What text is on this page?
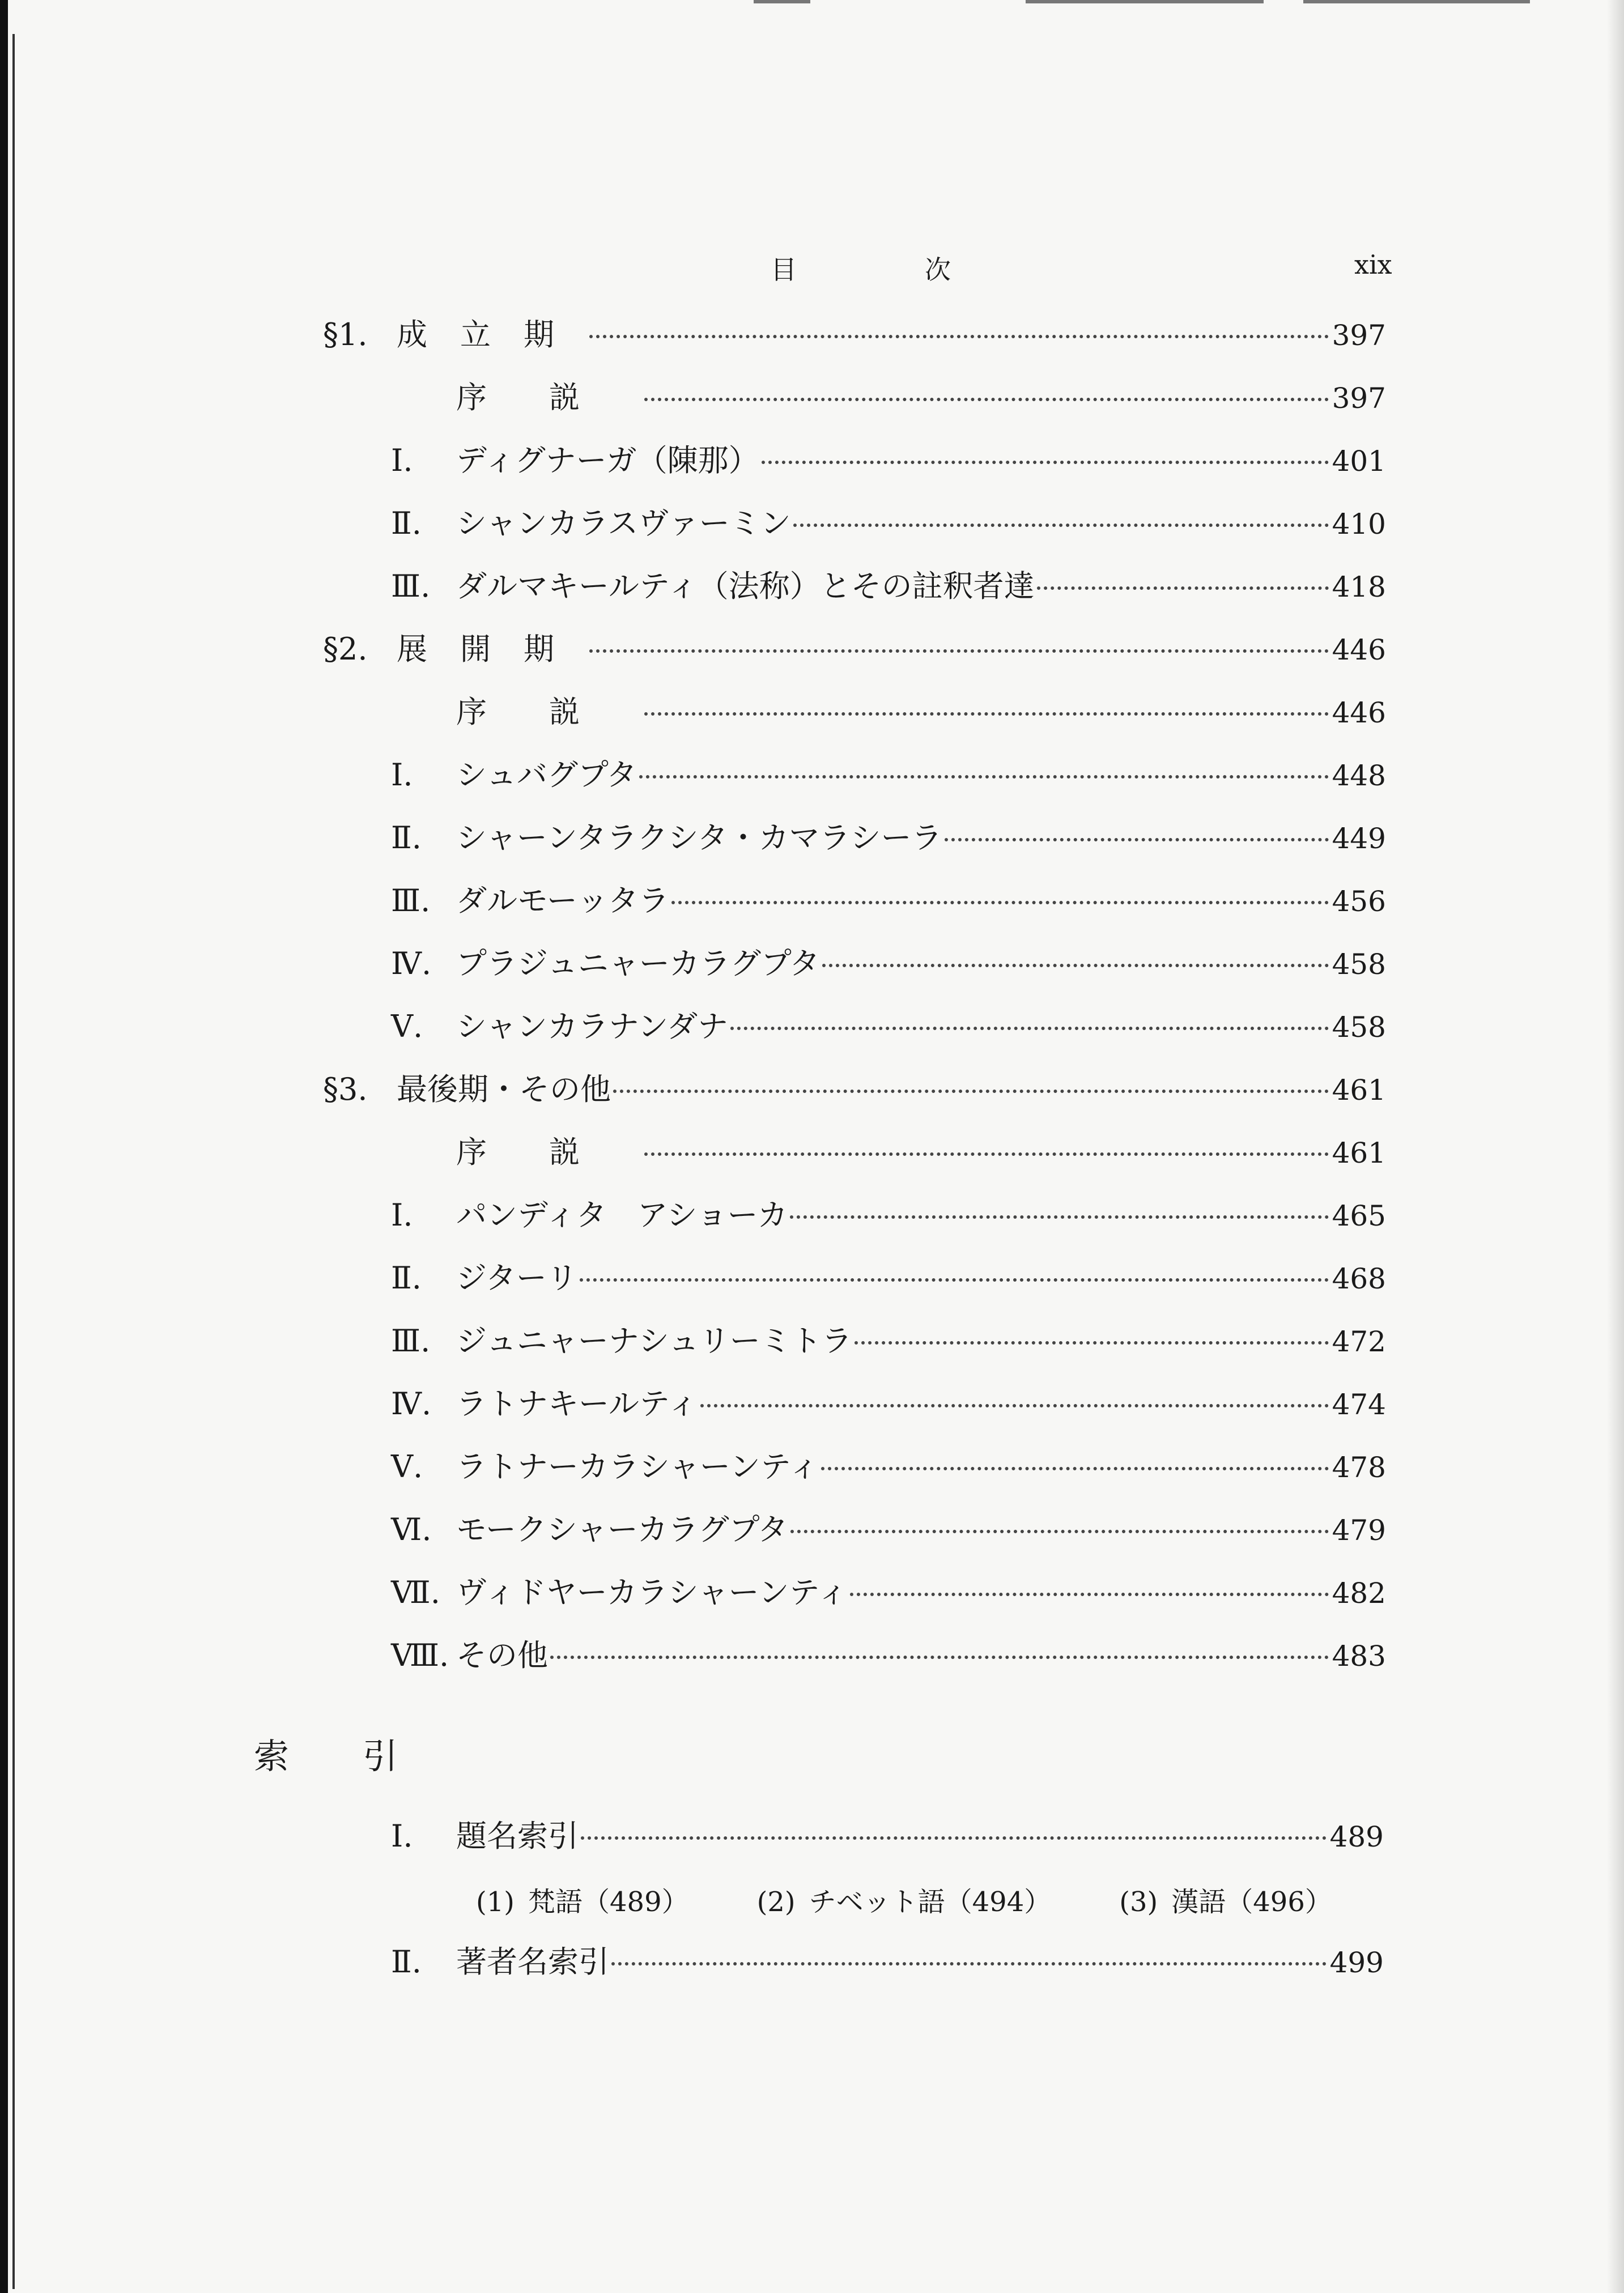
目　次	xix
§1. 成立期	397
序説	397
Ⅰ.	ディグナーガ（陳那）	401
Ⅱ.	シャンカラスヴァーミン	410
Ⅲ. ダルマキールティ（法称）とその註釈者達	418
§2. 展開期	446
序説	446
Ⅰ.	シュバグプタ	448
Ⅱ.	シャーンタラクシタ・カマラシーラ	449
Ⅲ. ダルモーッタラ	456
Ⅳ. プラジュニャーカラグプタ	458
Ⅴ.	シャンカラナンダナ	458
§3. 最後期・その他	461
序説	461
Ⅰ.	パンディタ　アショーカ	465
Ⅱ.	ジターリ	468
Ⅲ. ジュニャーナシュリーミトラ	472
Ⅳ. ラトナキールティ	474
Ⅴ.	ラトナーカラシャーンティ	478
Ⅵ. モークシャーカラグプタ	479
Ⅶ. ヴィドヤーカラシャーンティ	482
Ⅷ. その他	483
索 引
Ⅰ.	題名索引	489
(1) 梵語（489）	(2) チベット語（494）	(3) 漢語（496）
Ⅱ.	著者名索引	499
